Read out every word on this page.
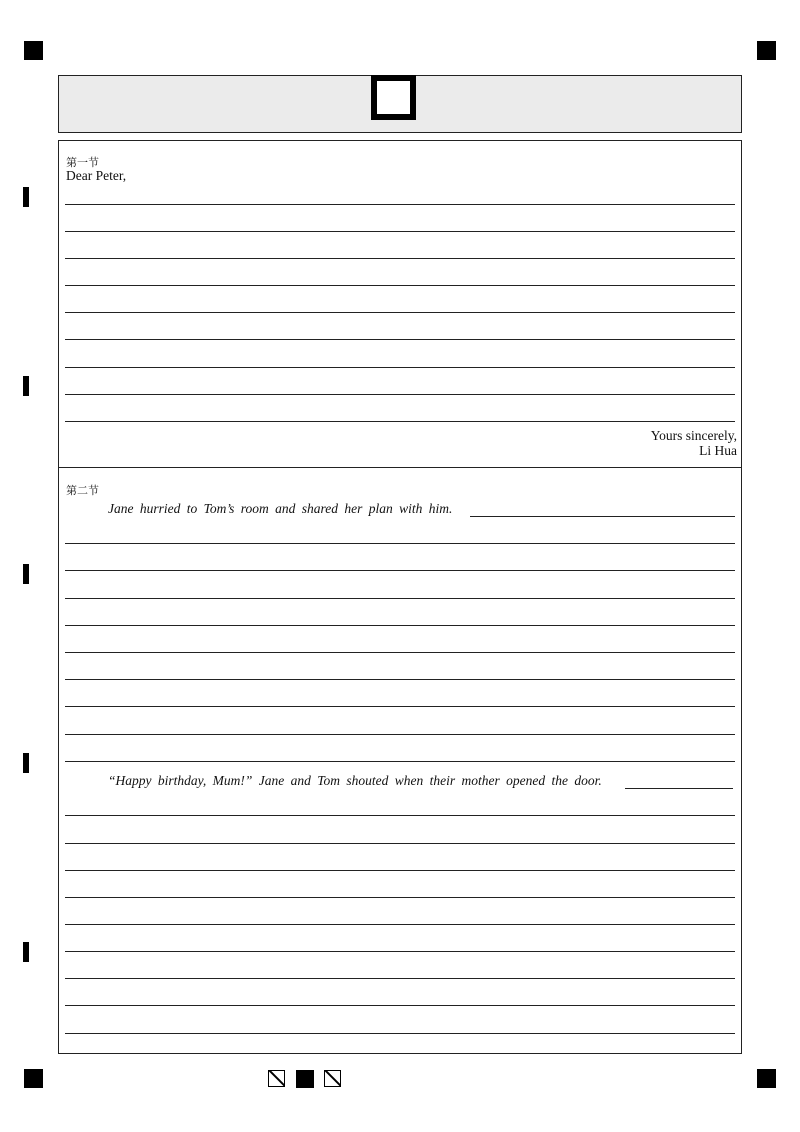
第一节
Dear Peter,
Yours sincerely,
Li Hua
第二节
Jane hurried to Tom’s room and shared her plan with him.
“Happy birthday, Mum!” Jane and Tom shouted when their mother opened the door.
